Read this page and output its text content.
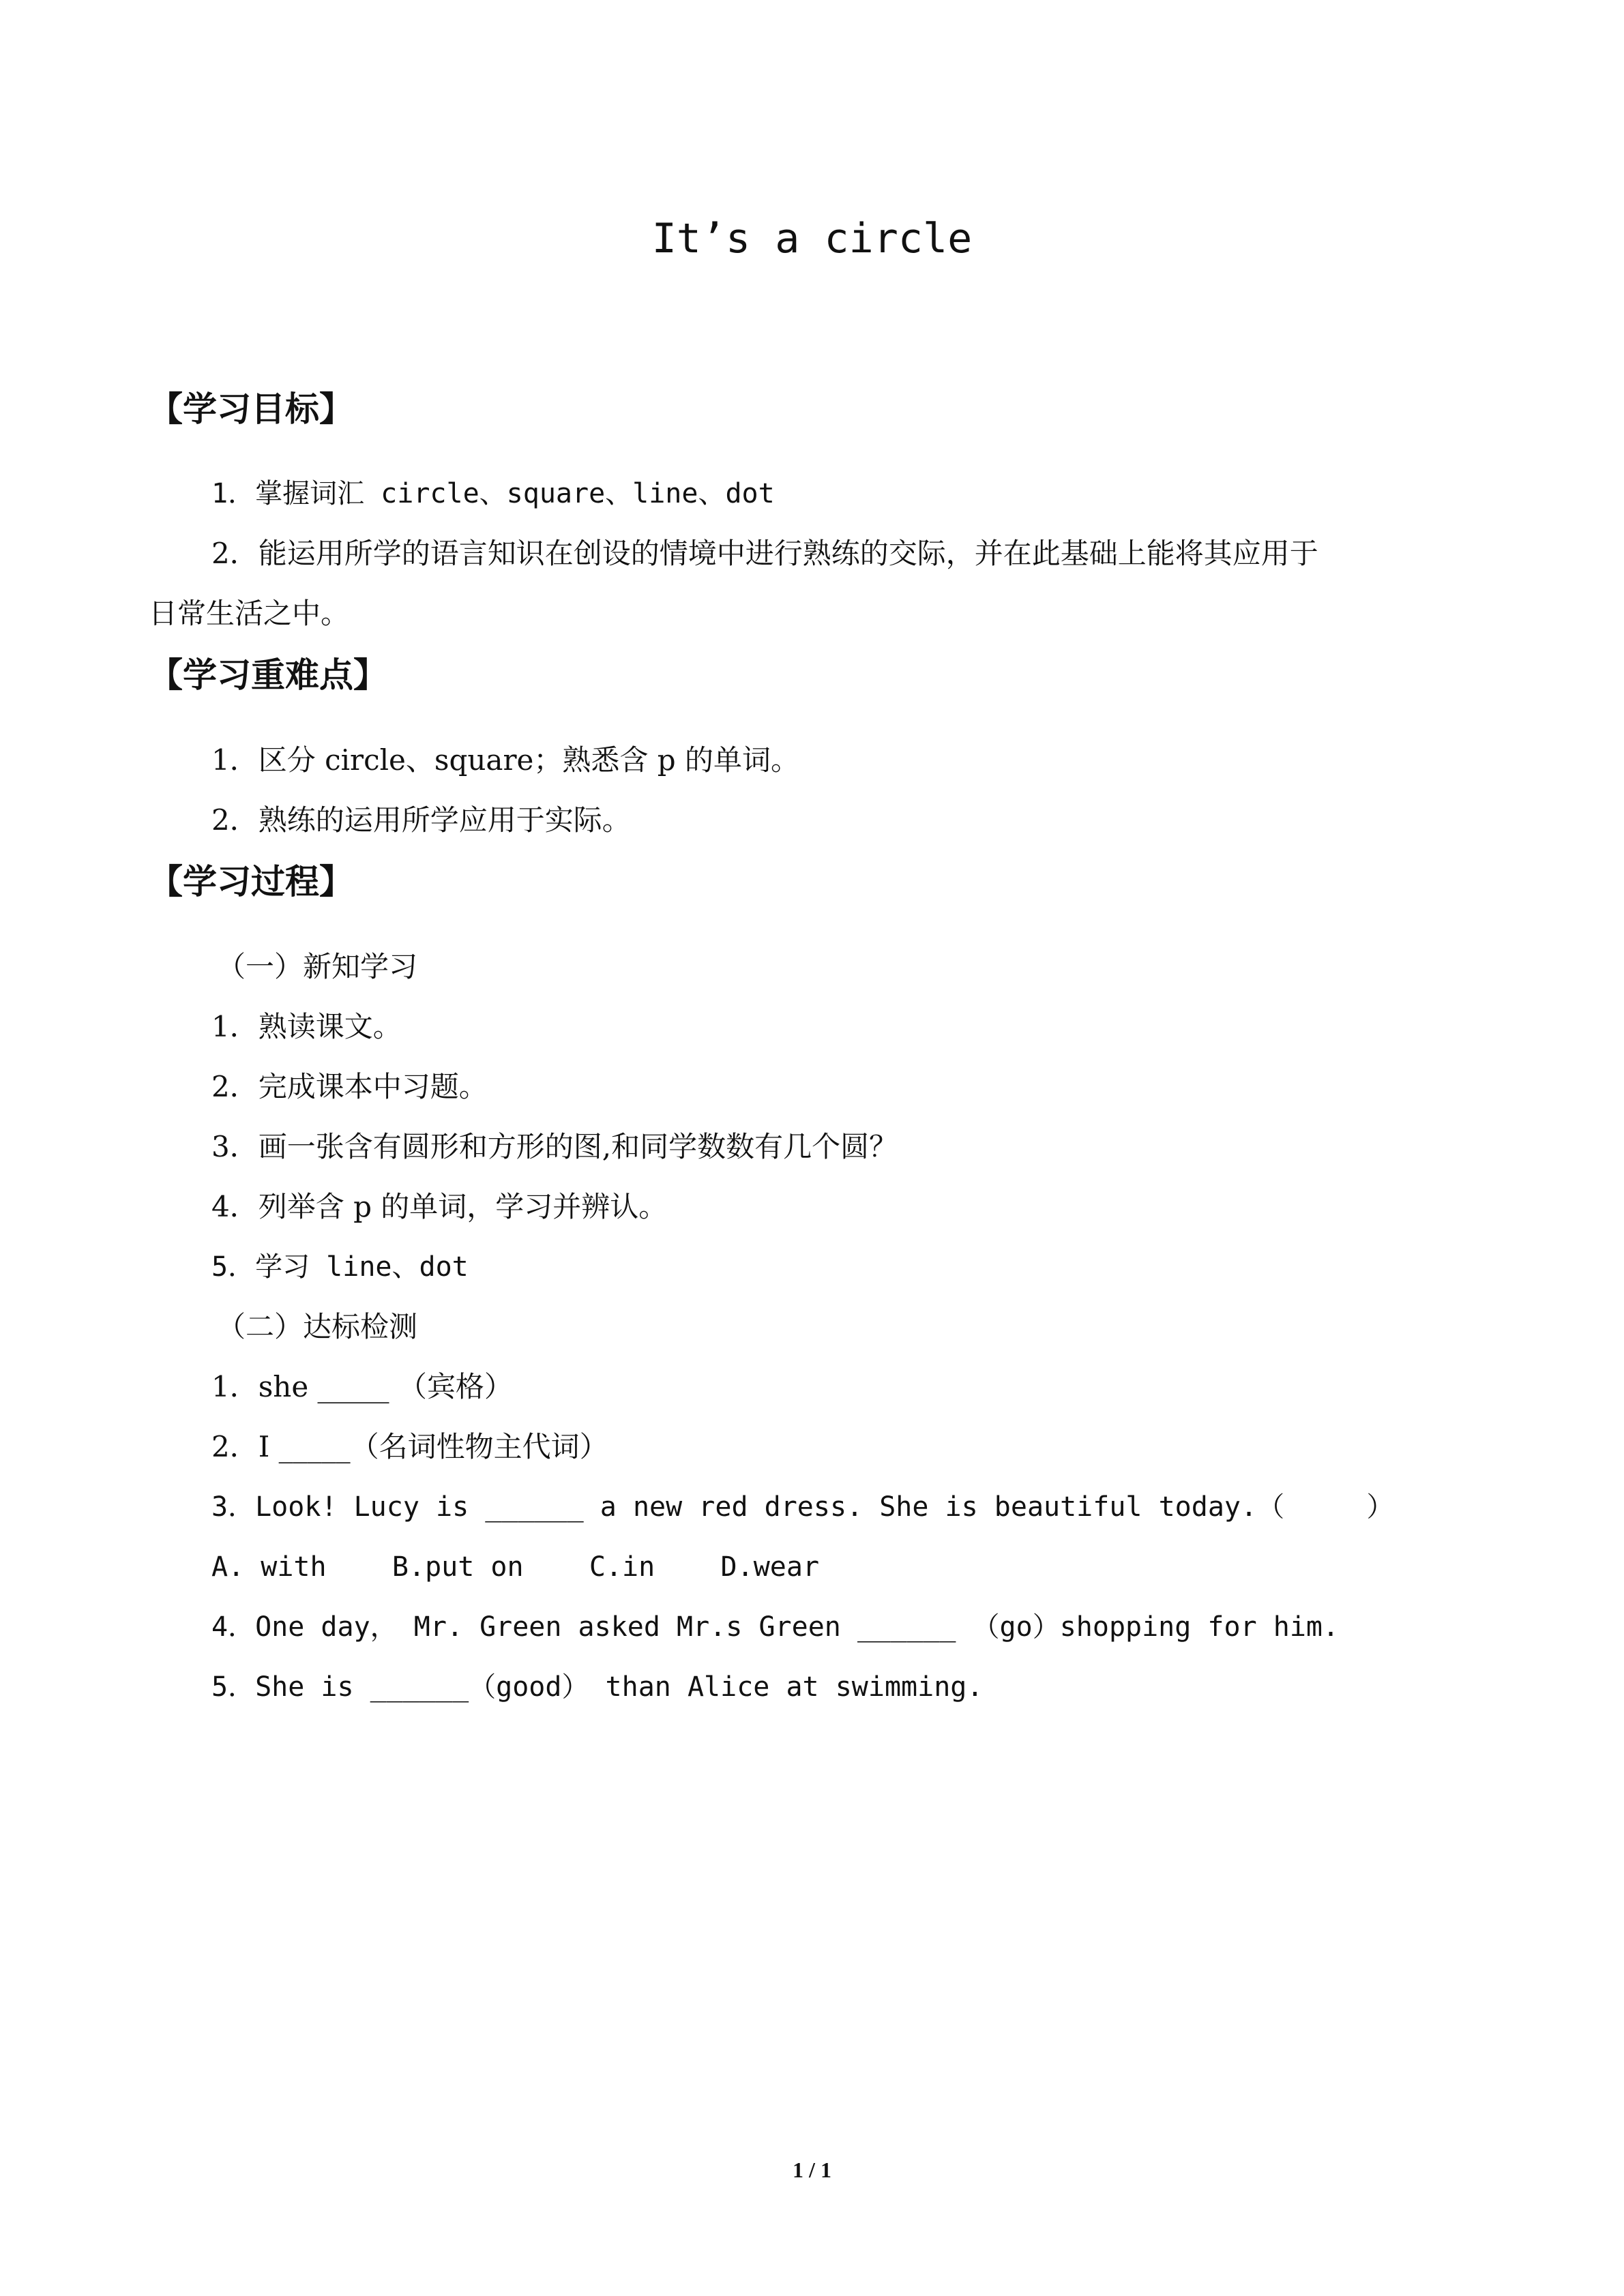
It’s a circle
【学习目标】

1．掌握词汇 circle、square、line、dot

2．能运用所学的语言知识在创设的情境中进行熟练的交际，并在此基础上能将其应用于

日常生活之中。

【学习重难点】

1．区分 circle、square；熟悉含 p 的单词。

2．熟练的运用所学应用于实际。

【学习过程】

（一）新知学习

1．熟读课文。

2．完成课本中习题。

3．画一张含有圆形和方形的图,和同学数数有几个圆？

4．列举含 p 的单词，学习并辨认。

5．学习 line、dot

（二）达标检测

1．she _____ （宾格）

2．I _____（名词性物主代词）

3．Look! Lucy is ______ a new red dress. She is beautiful today.（     ）

A. with    B.put on    C.in    D.wear

4．One day， Mr. Green asked Mr.s Green ______ （go）shopping for him.

5．She is ______（good） than Alice at swimming.

1 / 1
